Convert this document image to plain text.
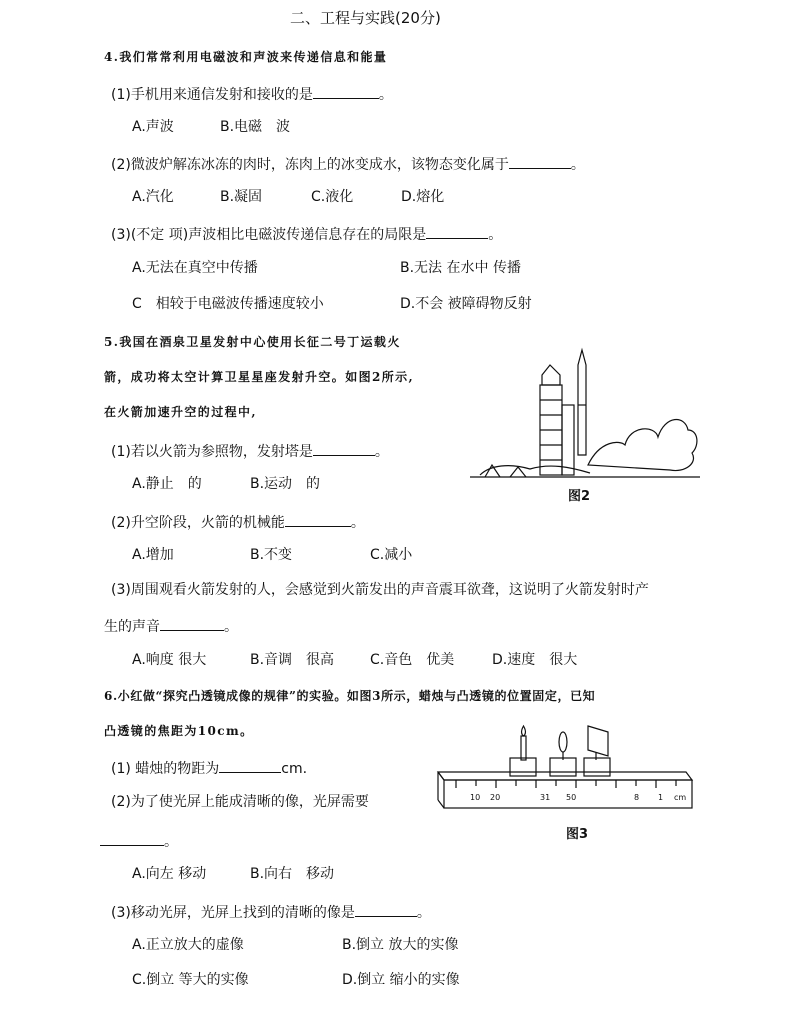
二、工程与实践(20分)
4.我们常常利用电磁波和声波来传递信息和能量
(1)手机用来通信发射和接收的是	。
A.声波	B.电磁　波
(2)微波炉解冻冰冻的肉时，冻肉上的冰变成水，该物态变化属于	。
A.汽化	B.凝固	C.液化	D.熔化
(3)(不定 项)声波相比电磁波传递信息存在的局限是	。
A.无法在真空中传播	B.无法 在水中 传播
C　相较于电磁波传播速度较小	D.不会 被障碍物反射
5.我国在酒泉卫星发射中心使用长征二号丁运载火
箭，成功将太空计算卫星星座发射升空。如图2所示,
在火箭加速升空的过程中,
图2
(1)若以火箭为参照物，发射塔是	。
A.静止　的	B.运动　的
(2)升空阶段，火箭的机械能	。
A.增加	B.不变	C.减小
(3)周围观看火箭发射的人，会感觉到火箭发出的声音震耳欲聋，这说明了火箭发射时产
生的声音	。
A.响度 很大	B.音调　很高	C.音色　优美	D.速度　很大
6.小红做“探究凸透镜成像的规律”的实验。如图3所示，蜡烛与凸透镜的位置固定，已知
凸透镜的焦距为10cm。
10 20	31 50	8 1 cm
图3
(1) 蜡烛的物距为	cm.
(2)为了使光屏上能成清晰的像，光屏需要
。
A.向左 移动	B.向右　移动
(3)移动光屏，光屏上找到的清晰的像是	。
A.正立放大的虚像	B.倒立 放大的实像
C.倒立 等大的实像	D.倒立 缩小的实像
